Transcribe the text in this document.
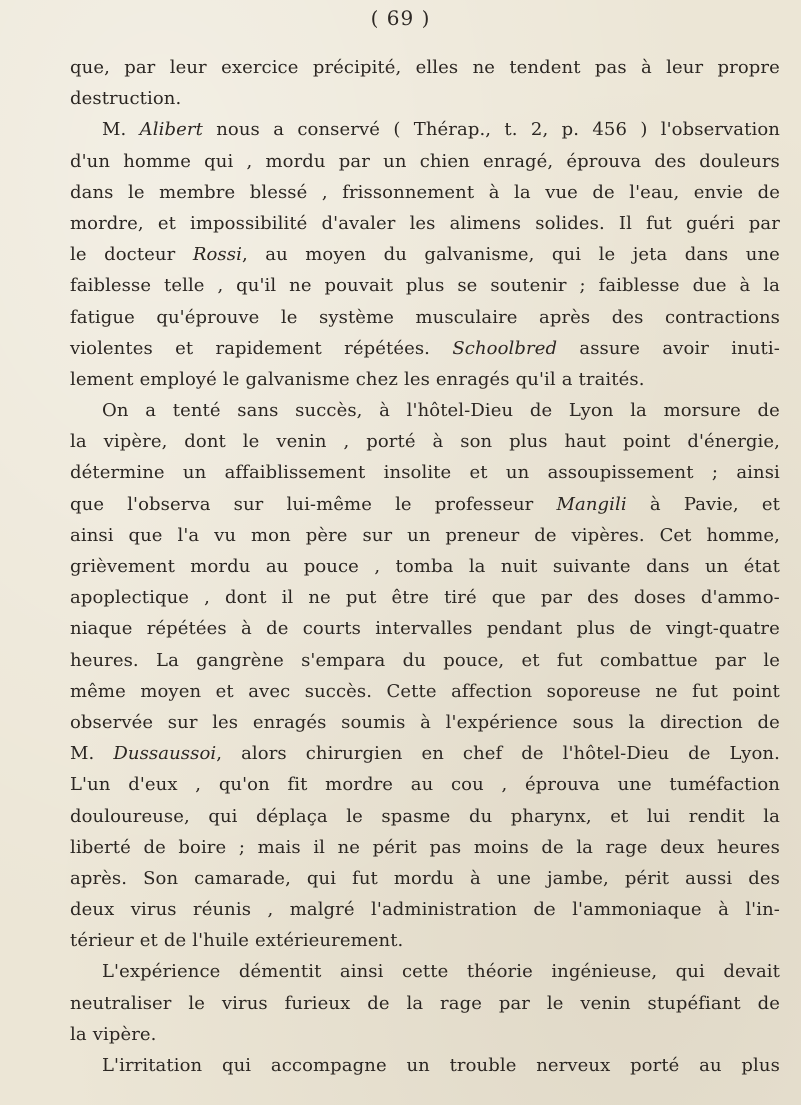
( 69 )
que, par leur exercice précipité, elles ne tendent pas à leur propre
destruction.
M. Alibert nous a conservé ( Thérap., t. 2, p. 456 ) l'observation
d'un homme qui , mordu par un chien enragé, éprouva des douleurs
dans le membre blessé , frissonnement à la vue de l'eau, envie de
mordre, et impossibilité d'avaler les alimens solides. Il fut guéri par
le docteur Rossi, au moyen du galvanisme, qui le jeta dans une
faiblesse telle , qu'il ne pouvait plus se soutenir ; faiblesse due à la
fatigue qu'éprouve le système musculaire après des contractions
violentes et rapidement répétées. Schoolbred assure avoir inuti-
lement employé le galvanisme chez les enragés qu'il a traités.
On a tenté sans succès, à l'hôtel-Dieu de Lyon la morsure de
la vipère, dont le venin , porté à son plus haut point d'énergie,
détermine un affaiblissement insolite et un assoupissement ; ainsi
que l'observa sur lui-même le professeur Mangili à Pavie, et
ainsi que l'a vu mon père sur un preneur de vipères. Cet homme,
grièvement mordu au pouce , tomba la nuit suivante dans un état
apoplectique , dont il ne put être tiré que par des doses d'ammo-
niaque répétées à de courts intervalles pendant plus de vingt-quatre
heures. La gangrène s'empara du pouce, et fut combattue par le
même moyen et avec succès. Cette affection soporeuse ne fut point
observée sur les enragés soumis à l'expérience sous la direction de
M. Dussaussoi, alors chirurgien en chef de l'hôtel-Dieu de Lyon.
L'un d'eux , qu'on fit mordre au cou , éprouva une tuméfaction
douloureuse, qui déplaça le spasme du pharynx, et lui rendit la
liberté de boire ; mais il ne périt pas moins de la rage deux heures
après. Son camarade, qui fut mordu à une jambe, périt aussi des
deux virus réunis , malgré l'administration de l'ammoniaque à l'in-
térieur et de l'huile extérieurement.
L'expérience démentit ainsi cette théorie ingénieuse, qui devait
neutraliser le virus furieux de la rage par le venin stupéfiant de
la vipère.
L'irritation qui accompagne un trouble nerveux porté au plus
